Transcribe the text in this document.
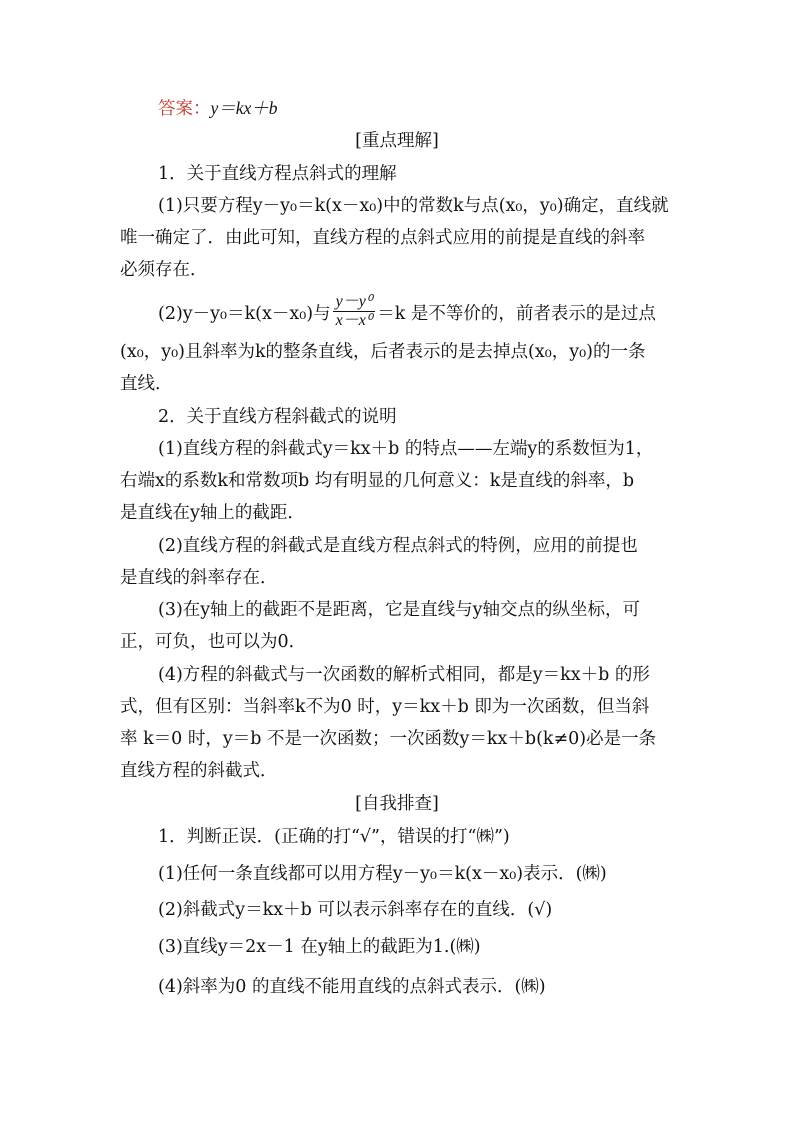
答案：y＝kx＋b
[重点理解]
1．关于直线方程点斜式的理解
(1)只要方程y－y₀＝k(x－x₀)中的常数k与点(x₀，y₀)确定，直线就
唯一确定了．由此可知，直线方程的点斜式应用的前提是直线的斜率
必须存在．
(2)y－y₀＝k(x－x₀)与 $\frac{\text{y－y⁰}}{\text{x－x⁰}} =k$ 是不等价的，前者表示的是过点
(x₀，y₀)且斜率为k的整条直线，后者表示的是去掉点(x₀，y₀)的一条
直线．
2．关于直线方程斜截式的说明
(1)直线方程的斜截式y＝kx＋b 的特点——左端y的系数恒为1，
右端x的系数k和常数项b 均有明显的几何意义：k是直线的斜率，b
是直线在y轴上的截距．
(2)直线方程的斜截式是直线方程点斜式的特例，应用的前提也
是直线的斜率存在．
(3)在y轴上的截距不是距离，它是直线与y轴交点的纵坐标，可
正，可负，也可以为0．
(4)方程的斜截式与一次函数的解析式相同，都是y＝kx＋b 的形
式，但有区别：当斜率k不为0 时，y＝kx＋b 即为一次函数，但当斜
率 k＝0 时，y＝b 不是一次函数；一次函数y＝kx＋b(k≠0)必是一条
直线方程的斜截式．
[自我排查]
1．判断正误．(正确的打“√”，错误的打“㈱”)
(1)任何一条直线都可以用方程y－y₀＝k(x－x₀)表示．(㈱)
(2)斜截式y＝kx＋b 可以表示斜率存在的直线．(√)
(3)直线y＝2x－1 在y轴上的截距为1.(㈱)
(4)斜率为0 的直线不能用直线的点斜式表示．(㈱)
